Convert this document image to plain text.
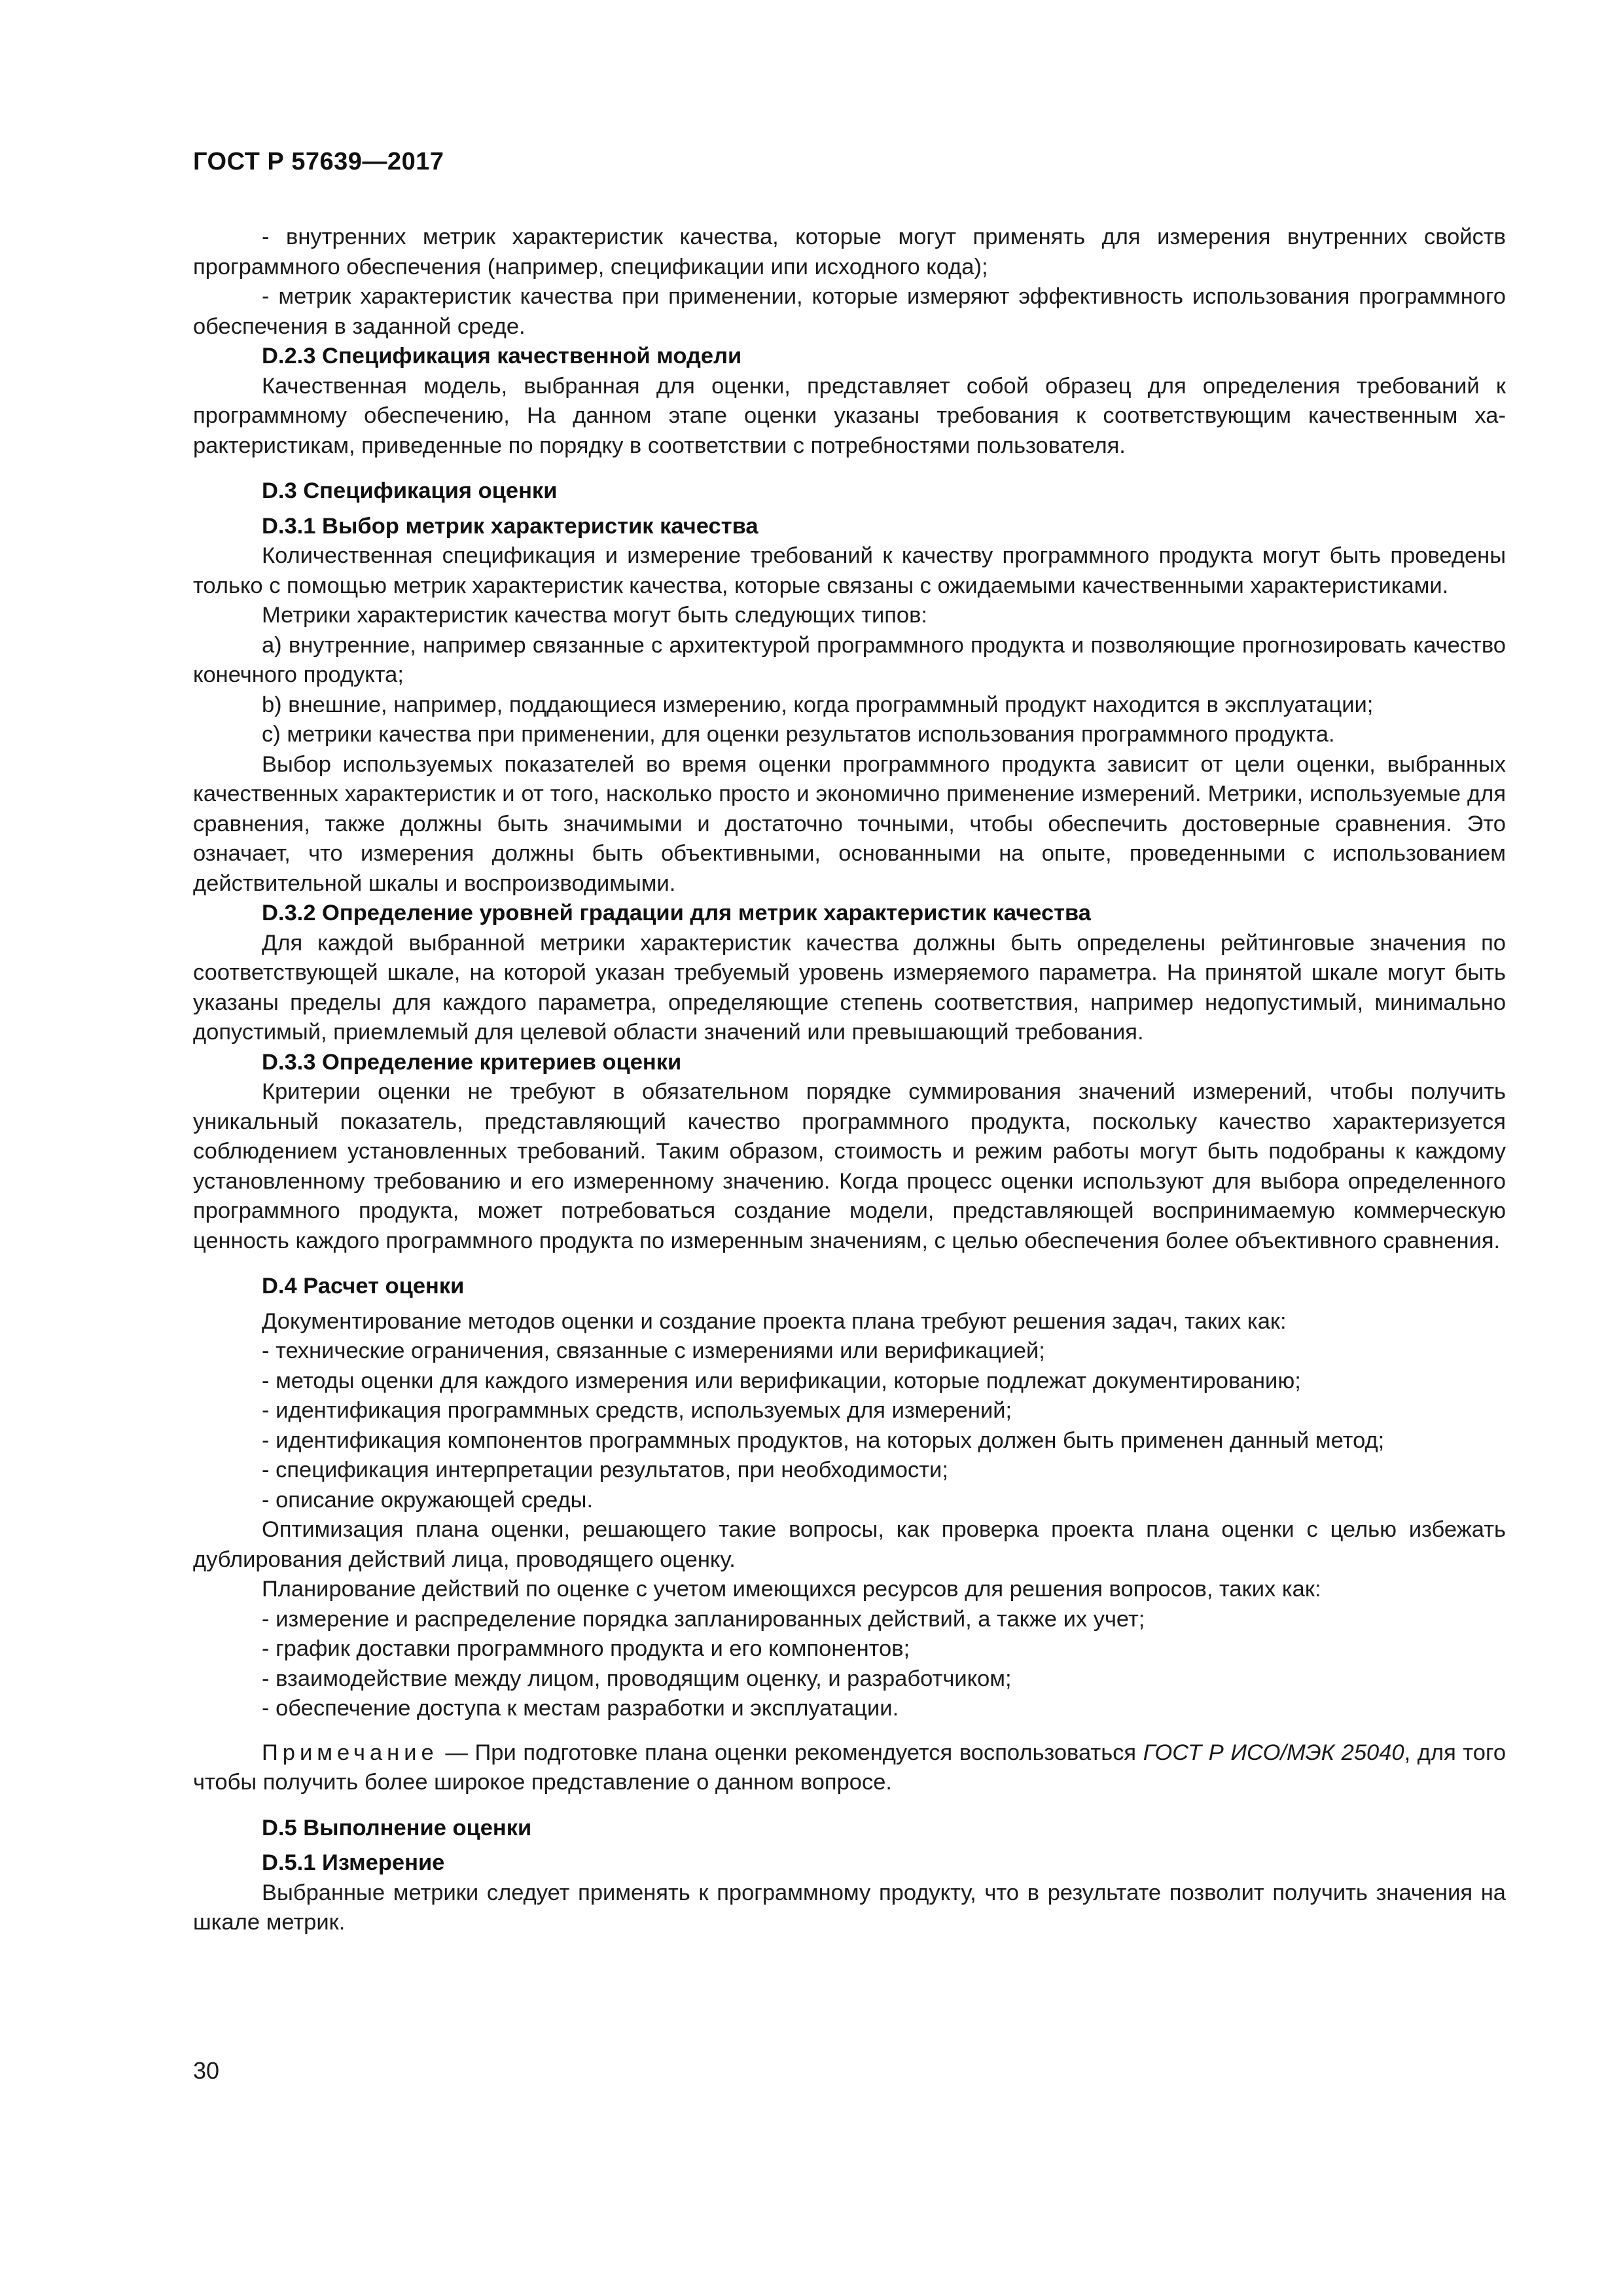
ГОСТ Р 57639—2017

- внутренних метрик характеристик качества, которые могут применять для измерения внутренних свойств программного обеспечения (например, спецификации ипи исходного кода);

- метрик характеристик качества при применении, которые измеряют эффективность использования программного обеспечения в заданной среде.

D.2.3 Спецификация качественной модели

Качественная модель, выбранная для оценки, представляет собой образец для определения требований к программному обеспечению, На данном этапе оценки указаны требования к соответствующим качественным характеристикам, приведенные по порядку в соответствии с потребностями пользователя.

D.3 Спецификация оценки
D.3.1 Выбор метрик характеристик качества

Количественная спецификация и измерение требований к качеству программного продукта могут быть проведены только с помощью метрик характеристик качества, которые связаны с ожидаемыми качественными характеристиками.

Метрики характеристик качества могут быть следующих типов:

а) внутренние, например связанные с архитектурой программного продукта и позволяющие прогнозировать качество конечного продукта;

b) внешние, например, поддающиеся измерению, когда программный продукт находится в эксплуатации;

с) метрики качества при применении, для оценки результатов использования программного продукта.

Выбор используемых показателей во время оценки программного продукта зависит от цели оценки, выбранных качественных характеристик и от того, насколько просто и экономично применение измерений. Метрики, используемые для сравнения, также должны быть значимыми и достаточно точными, чтобы обеспечить достоверные сравнения. Это означает, что измерения должны быть объективными, основанными на опыте, проведенными с использованием действительной шкалы и воспроизводимыми.

D.3.2 Определение уровней градации для метрик характеристик качества

Для каждой выбранной метрики характеристик качества должны быть определены рейтинговые значения по соответствующей шкале, на которой указан требуемый уровень измеряемого параметра. На принятой шкале могут быть указаны пределы для каждого параметра, определяющие степень соответствия, например недопустимый, минимально допустимый, приемлемый для целевой области значений или превышающий требования.

D.3.3 Определение критериев оценки

Критерии оценки не требуют в обязательном порядке суммирования значений измерений, чтобы получить уникальный показатель, представляющий качество программного продукта, поскольку качество характеризуется соблюдением установленных требований. Таким образом, стоимость и режим работы могут быть подобраны к каждому установленному требованию и его измеренному значению. Когда процесс оценки используют для выбора определенного программного продукта, может потребоваться создание модели, представляющей воспринимаемую коммерческую ценность каждого программного продукта по измеренным значениям, с целью обеспечения более объективного сравнения.

D.4 Расчет оценки

Документирование методов оценки и создание проекта плана требуют решения задач, таких как:

- технические ограничения, связанные с измерениями или верификацией;

- методы оценки для каждого измерения или верификации, которые подлежат документированию;

- идентификация программных средств, используемых для измерений;

- идентификация компонентов программных продуктов, на которых должен быть применен данный метод;

- спецификация интерпретации результатов, при необходимости;

- описание окружающей среды.

Оптимизация плана оценки, решающего такие вопросы, как проверка проекта плана оценки с целью избежать дублирования действий лица, проводящего оценку.

Планирование действий по оценке с учетом имеющихся ресурсов для решения вопросов, таких как:

- измерение и распределение порядка запланированных действий, а также их учет;

- график доставки программного продукта и его компонентов;

- взаимодействие между лицом, проводящим оценку, и разработчиком;

- обеспечение доступа к местам разработки и эксплуатации.

Примечание — При подготовке плана оценки рекомендуется воспользоваться ГОСТ Р ИСО/МЭК 25040, для того чтобы получить более широкое представление о данном вопросе.

D.5 Выполнение оценки
D.5.1 Измерение

Выбранные метрики следует применять к программному продукту, что в результате позволит получить значения на шкале метрик.

30
